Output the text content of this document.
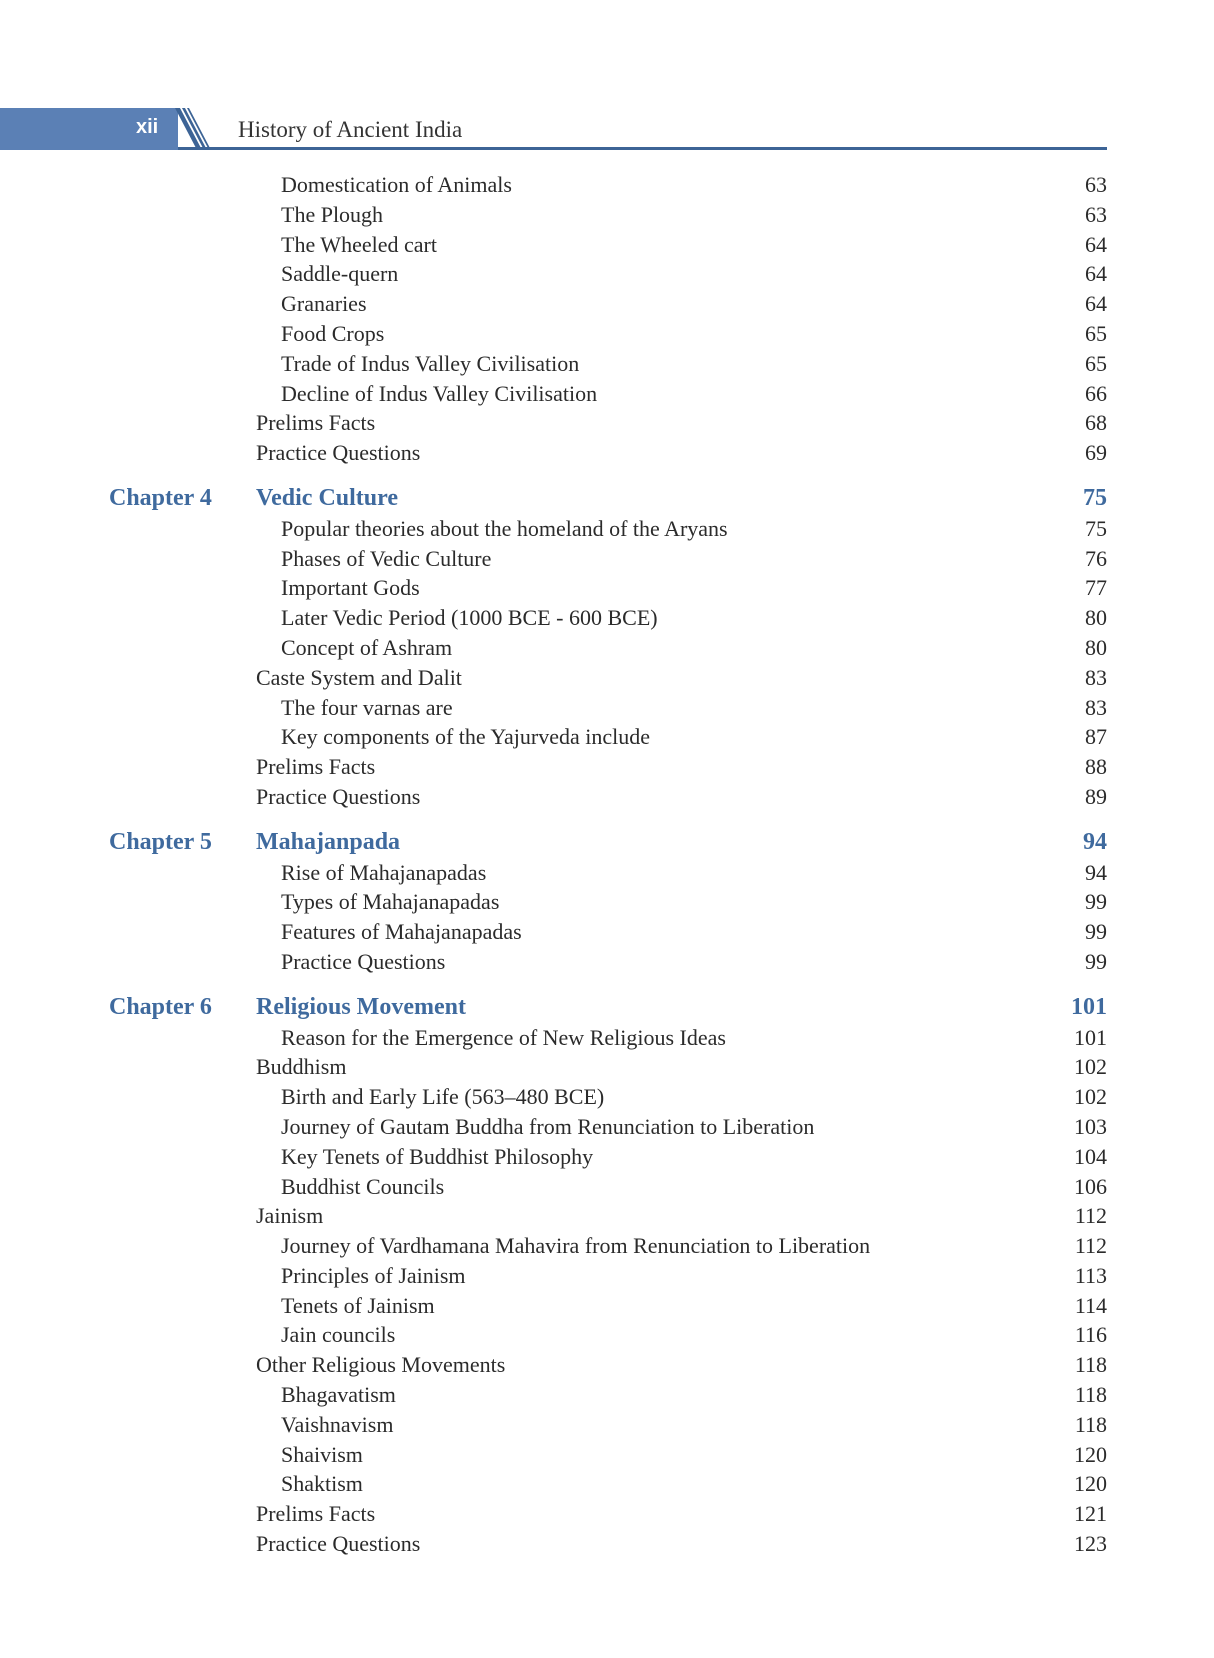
xii	History of Ancient India
Domestication of Animals	63
The Plough	63
The Wheeled cart	64
Saddle-quern	64
Granaries	64
Food Crops	65
Trade of Indus Valley Civilisation	65
Decline of Indus Valley Civilisation	66
Prelims Facts	68
Practice Questions	69
Chapter 4 Vedic Culture	75
Popular theories about the homeland of the Aryans	75
Phases of Vedic Culture	76
Important Gods	77
Later Vedic Period (1000 BCE - 600 BCE)	80
Concept of Ashram	80
Caste System and Dalit	83
The four varnas are	83
Key components of the Yajurveda include	87
Prelims Facts	88
Practice Questions	89
Chapter 5 Mahajanpada	94
Rise of Mahajanapadas	94
Types of Mahajanapadas	99
Features of Mahajanapadas	99
Practice Questions	99
Chapter 6 Religious Movement	101
Reason for the Emergence of New Religious Ideas	101
Buddhism	102
Birth and Early Life (563–480 BCE)	102
Journey of Gautam Buddha from Renunciation to Liberation	103
Key Tenets of Buddhist Philosophy	104
Buddhist Councils	106
Jainism	112
Journey of Vardhamana Mahavira from Renunciation to Liberation	112
Principles of Jainism	113
Tenets of Jainism	114
Jain councils	116
Other Religious Movements	118
Bhagavatism	118
Vaishnavism	118
Shaivism	120
Shaktism	120
Prelims Facts	121
Practice Questions	123
